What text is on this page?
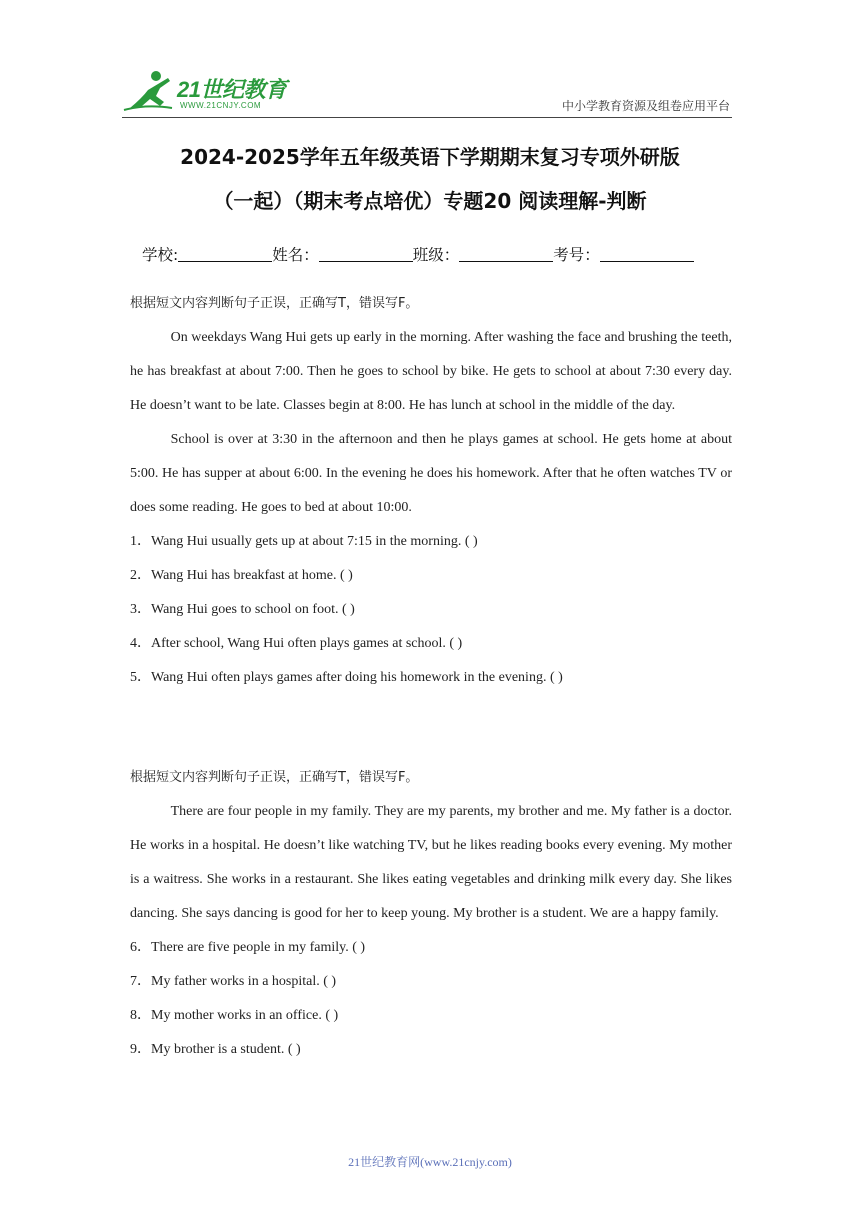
21世纪教育
WWW.21CNJY.COM	中小学教育资源及组卷应用平台
2024-2025学年五年级英语下学期期末复习专项外研版
（一起）（期末考点培优）专题20 阅读理解-判断
学校:	姓名：	班级：	考号：

根据短文内容判断句子正误，正确写T，错误写F。

On weekdays Wang Hui gets up early in the morning. After washing the face and brushing the teeth, he has breakfast at about 7:00. Then he goes to school by bike. He gets to school at about 7:30 every day. He doesn’t want to be late. Classes begin at 8:00. He has lunch at school in the middle of the day.

School is over at 3:30 in the afternoon and then he plays games at school. He gets home at about 5:00. He has supper at about 6:00. In the evening he does his homework. After that he often watches TV or does some reading. He goes to bed at about 10:00.

1．Wang Hui usually gets up at about 7:15 in the morning. ( )

2．Wang Hui has breakfast at home. ( )

3．Wang Hui goes to school on foot. ( )

4．After school, Wang Hui often plays games at school. ( )

5．Wang Hui often plays games after doing his homework in the evening. ( )

根据短文内容判断句子正误，正确写T，错误写F。

There are four people in my family. They are my parents, my brother and me. My father is a doctor. He works in a hospital. He doesn’t like watching TV, but he likes reading books every evening. My mother is a waitress. She works in a restaurant. She likes eating vegetables and drinking milk every day. She likes dancing. She says dancing is good for her to keep young. My brother is a student. We are a happy family.

6．There are five people in my family. ( )

7．My father works in a hospital. ( )

8．My mother works in an office. ( )

9．My brother is a student. ( )

21世纪教育网(www.21cnjy.com)
